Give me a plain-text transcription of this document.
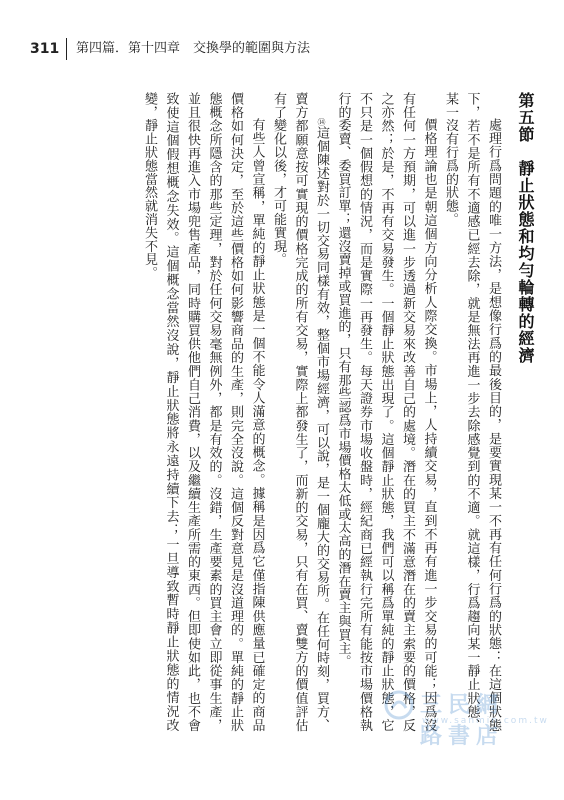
311 第四篇．第十四章　交換學的範圍與方法
第五節　靜止狀態和均勻輪轉的經濟

處理行爲問題的唯一方法，是想像行爲的最後目的，是要實現某一不再有任何行爲的狀態：在這個狀態下，若不是所有不適感已經去除，就是無法再進一步去除感覺到的不適。就這樣，行爲趨向某一靜止狀態、某一沒有行爲的狀態。

價格理論也是朝這個方向分析人際交換。市場上，人持續交易，直到不再有進一步交易的可能；因爲沒有任何一方預期，可以進一步透過新交易來改善自己的處境。潛在的買主不滿意潛在的賣主索要的價格，反之亦然；於是，不再有交易發生。一個靜止狀態出現了。這個靜止狀態，我們可以稱爲單純的靜止狀態，它不只是一個假想的情況，而是實際一再發生。每天證券市場收盤時，經紀商已經執行完所有能按市場價格執行的委賣、委買訂單；還沒賣掉或買進的，只有那些認爲市場價格太低或太高的潛在賣主與買主。

⑭這個陳述對於一切交易同樣有效，整個市場經濟，可以說，是一個龐大的交易所。在任何時刻，買方、賣方都願意按可實現的價格完成的所有交易，實際上都發生了，而新的交易，只有在買、賣雙方的價值評估有了變化以後，才可能實現。

有些人曾宣稱，單純的靜止狀態是一個不能令人滿意的概念。據稱是因爲它僅指陳供應量已確定的商品價格如何決定，至於這些價格如何影響商品的生產，則完全沒說。這個反對意見是沒道理的。單純的靜止狀態概念所隱含的那些定理，對於任何交易毫無例外，都是有效的。沒錯，生產要素的買主會立即從事生產，並且很快再進入市場兜售產品，同時購買供他們自己消費，以及繼續生產所需的東西。但即使如此，也不會致使這個假想概念失效。這個概念當然沒說，靜止狀態將永遠持續下去；一旦導致暫時靜止狀態的情況改變，靜止狀態當然就消失不見。

三民網路書店
www.sanmin.com.tw
